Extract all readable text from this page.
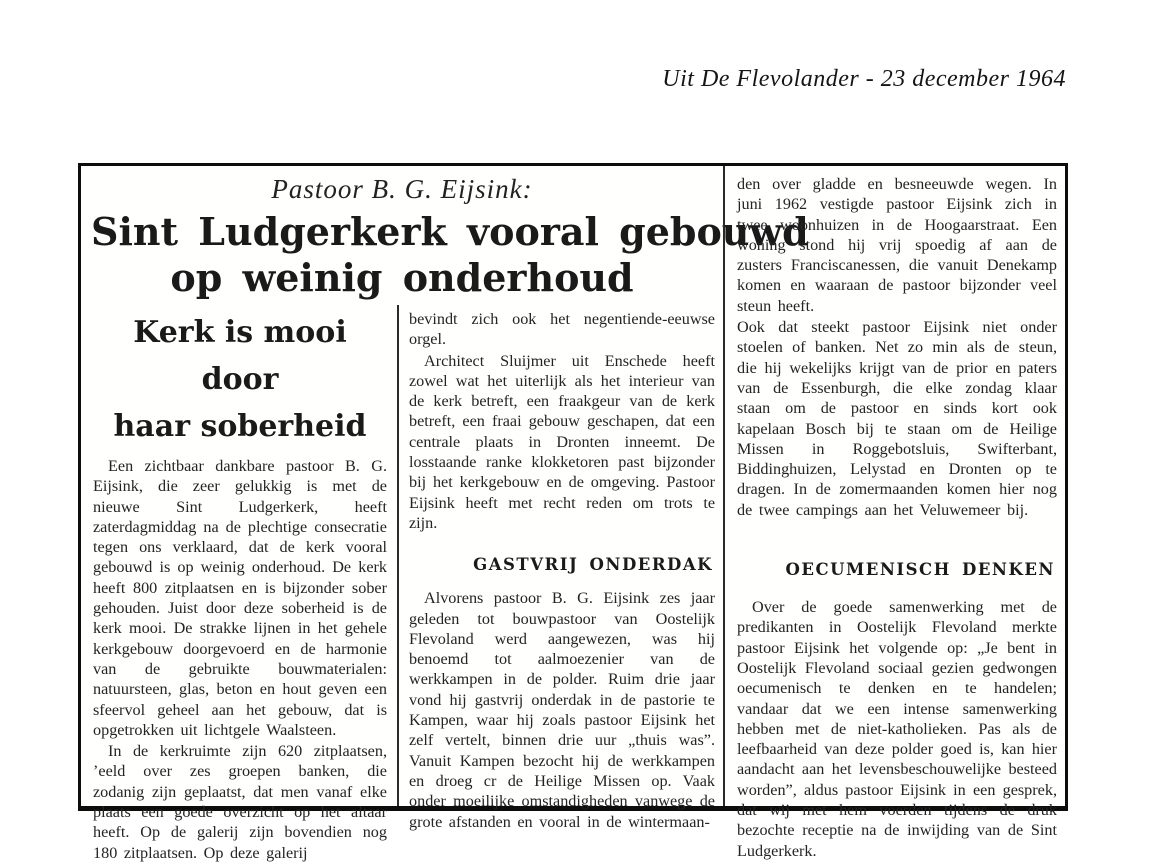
Uit De Flevolander - 23 december 1964
Pastoor B. G. Eijsink:
Sint Ludgerkerk vooral gebouwd
op weinig onderhoud
Kerk is mooi door
haar soberheid

Een zichtbaar dankbare pastoor B. G. Eijsink, die zeer gelukkig is met de nieuwe Sint Ludgerkerk, heeft zaterdagmiddag na de plechtige consecratie tegen ons verklaard, dat de kerk vooral gebouwd is op weinig onderhoud. De kerk heeft 800 zitplaatsen en is bijzonder sober gehouden. Juist door deze soberheid is de kerk mooi. De strakke lijnen in het gehele kerkgebouw doorgevoerd en de harmonie van de gebruikte bouwmaterialen: natuursteen, glas, beton en hout geven een sfeervol geheel aan het gebouw, dat is opgetrokken uit lichtgele Waalsteen.

In de kerkruimte zijn 620 zitplaatsen, ’eeld over zes groepen banken, die zodanig zijn geplaatst, dat men vanaf elke plaats een goede overzicht op het altaar heeft. Op de galerij zijn bovendien nog 180 zitplaatsen. Op deze galerij

bevindt zich ook het negentiende-eeuwse orgel.

Architect Sluijmer uit Enschede heeft zowel wat het uiterlijk als het interieur van de kerk betreft, een fraakgeur van de kerk betreft, een fraai gebouw geschapen, dat een centrale plaats in Dronten inneemt. De losstaande ranke klokketoren past bijzonder bij het kerkgebouw en de omgeving. Pastoor Eijsink heeft met recht reden om trots te zijn.

GASTVRIJ ONDERDAK

Alvorens pastoor B. G. Eijsink zes jaar geleden tot bouwpastoor van Oostelijk Flevoland werd aangewezen, was hij benoemd tot aalmoezenier van de werkkampen in de polder. Ruim drie jaar vond hij gastvrij onderdak in de pastorie te Kampen, waar hij zoals pastoor Eijsink het zelf vertelt, binnen drie uur „thuis was”. Vanuit Kampen bezocht hij de werkkampen en droeg cr de Heilige Missen op. Vaak onder moeilijke omstandigheden vanwege de grote afstanden en vooral in de wintermaan-

den over gladde en besneeuwde wegen. In juni 1962 vestigde pastoor Eijsink zich in twee woonhuizen in de Hoogaarstraat. Een woning stond hij vrij spoedig af aan de zusters Franciscanessen, die vanuit Denekamp komen en waaraan de pastoor bijzonder veel steun heeft.

Ook dat steekt pastoor Eijsink niet onder stoelen of banken. Net zo min als de steun, die hij wekelijks krijgt van de prior en paters van de Essenburgh, die elke zondag klaar staan om de pastoor en sinds kort ook kapelaan Bosch bij te staan om de Heilige Missen in Roggebotsluis, Swifterbant, Biddinghuizen, Lelystad en Dronten op te dragen. In de zomermaanden komen hier nog de twee campings aan het Veluwemeer bij.

OECUMENISCH DENKEN

Over de goede samenwerking met de predikanten in Oostelijk Flevoland merkte pastoor Eijsink het volgende op: „Je bent in Oostelijk Flevoland sociaal gezien gedwongen oecumenisch te denken en te handelen; vandaar dat we een intense samenwerking hebben met de niet-katholieken. Pas als de leefbaarheid van deze polder goed is, kan hier aandacht aan het levensbeschouwelijke besteed worden”, aldus pastoor Eijsink in een gesprek, dat wij met hem voerden tijdens de druk bezochte receptie na de inwijding van de Sint Ludgerkerk.
